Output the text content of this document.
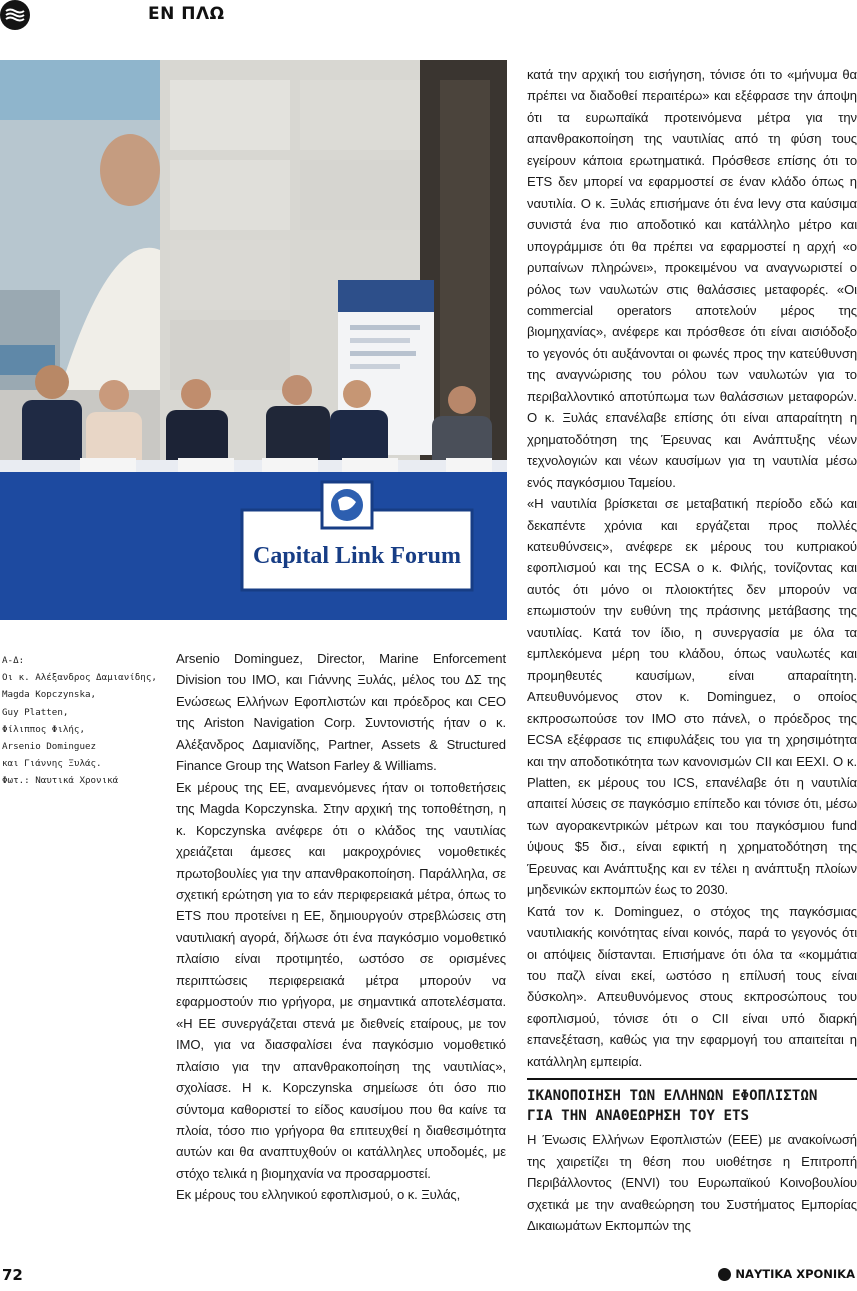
ΕΝ ΠΛΩ
Capital Link Forum
Α-Δ:
Οι κ. Αλέξανδρος Δαμιανίδης,
Magda Kopczynska,
Guy Platten,
Φίλιππος Φιλής,
Arsenio Dominguez
και Γιάννης Ξυλάς.
Φωτ.: Ναυτικά Χρονικά

Arsenio Dominguez, Director, Marine Enforcement Division του IMO, και Γιάννης Ξυλάς, μέλος του ΔΣ της Ενώσεως Ελλήνων Εφοπλιστών και πρόεδρος και CEO της Ariston Navigation Corp. Συντονιστής ήταν ο κ. Αλέξανδρος Δαμιανίδης, Partner, Assets & Structured Finance Group της Watson Farley & Williams.

Εκ μέρους της ΕΕ, αναμενόμενες ήταν οι τοποθετήσεις της Magda Kopczynska. Στην αρχική της τοποθέτηση, η κ. Kopczynska ανέφερε ότι ο κλάδος της ναυτιλίας χρειάζεται άμεσες και μακροχρόνιες νομοθετικές πρωτοβουλίες για την απανθρακοποίηση. Παράλληλα, σε σχετική ερώτηση για το εάν περιφερειακά μέτρα, όπως το ETS που προτείνει η ΕΕ, δημιουργούν στρεβλώσεις στη ναυτιλιακή αγορά, δήλωσε ότι ένα παγκόσμιο νομοθετικό πλαίσιο είναι προτιμητέο, ωστόσο σε ορισμένες περιπτώσεις περιφερειακά μέτρα μπορούν να εφαρμοστούν πιο γρήγορα, με σημαντικά αποτελέσματα. «Η ΕΕ συνεργάζεται στενά με διεθνείς εταίρους, με τον IMO, για να διασφαλίσει ένα παγκόσμιο νομοθετικό πλαίσιο για την απανθρακοποίηση της ναυτιλίας», σχολίασε. Η κ. Kopczynska σημείωσε ότι όσο πιο σύντομα καθοριστεί το είδος καυσίμου που θα καίνε τα πλοία, τόσο πιο γρήγορα θα επιτευχθεί η διαθεσιμότητα αυτών και θα αναπτυχθούν οι κατάλληλες υποδομές, με στόχο τελικά η βιομηχανία να προσαρμοστεί.

Εκ μέρους του ελληνικού εφοπλισμού, ο κ. Ξυλάς,

κατά την αρχική του εισήγηση, τόνισε ότι το «μήνυμα θα πρέπει να διαδοθεί περαιτέρω» και εξέφρασε την άποψη ότι τα ευρωπαϊκά προτεινόμενα μέτρα για την απανθρακοποίηση της ναυτιλίας από τη φύση τους εγείρουν κάποια ερωτηματικά. Πρόσθεσε επίσης ότι το ETS δεν μπορεί να εφαρμοστεί σε έναν κλάδο όπως η ναυτιλία. Ο κ. Ξυλάς επισήμανε ότι ένα levy στα καύσιμα συνιστά ένα πιο αποδοτικό και κατάλληλο μέτρο και υπογράμμισε ότι θα πρέπει να εφαρμοστεί η αρχή «ο ρυπαίνων πληρώνει», προκειμένου να αναγνωριστεί ο ρόλος των ναυλωτών στις θαλάσσιες μεταφορές. «Οι commercial operators αποτελούν μέρος της βιομηχανίας», ανέφερε και πρόσθεσε ότι είναι αισιόδοξο το γεγονός ότι αυξάνονται οι φωνές προς την κατεύθυνση της αναγνώρισης του ρόλου των ναυλωτών για το περιβαλλοντικό αποτύπωμα των θαλάσσιων μεταφορών. Ο κ. Ξυλάς επανέλαβε επίσης ότι είναι απαραίτητη η χρηματοδότηση της Έρευνας και Ανάπτυξης νέων τεχνολογιών και νέων καυσίμων για τη ναυτιλία μέσω ενός παγκόσμιου Ταμείου.

«Η ναυτιλία βρίσκεται σε μεταβατική περίοδο εδώ και δεκαπέντε χρόνια και εργάζεται προς πολλές κατευθύνσεις», ανέφερε εκ μέρους του κυπριακού εφοπλισμού και της ECSA ο κ. Φιλής, τονίζοντας και αυτός ότι μόνο οι πλοιοκτήτες δεν μπορούν να επωμιστούν την ευθύνη της πράσινης μετάβασης της ναυτιλίας. Κατά τον ίδιο, η συνεργασία με όλα τα εμπλεκόμενα μέρη του κλάδου, όπως ναυλωτές και προμηθευτές καυσίμων, είναι απαραίτητη. Απευθυνόμενος στον κ. Dominguez, ο οποίος εκπροσωπούσε τον IMO στο πάνελ, ο πρόεδρος της ECSA εξέφρασε τις επιφυλάξεις του για τη χρησιμότητα και την αποδοτικότητα των κανονισμών CII και EEXI. Ο κ. Platten, εκ μέρους του ICS, επανέλαβε ότι η ναυτιλία απαιτεί λύσεις σε παγκόσμιο επίπεδο και τόνισε ότι, μέσω των αγορακεντρικών μέτρων και του παγκόσμιου fund ύψους $5 δισ., είναι εφικτή η χρηματοδότηση της Έρευνας και Ανάπτυξης και εν τέλει η ανάπτυξη πλοίων μηδενικών εκπομπών έως το 2030.

Κατά τον κ. Dominguez, ο στόχος της παγκόσμιας ναυτιλιακής κοινότητας είναι κοινός, παρά το γεγονός ότι οι απόψεις διίστανται. Επισήμανε ότι όλα τα «κομμάτια του παζλ είναι εκεί, ωστόσο η επίλυσή τους είναι δύσκολη». Απευθυνόμενος στους εκπροσώπους του εφοπλισμού, τόνισε ότι ο CII είναι υπό διαρκή επανεξέταση, καθώς για την εφαρμογή του απαιτείται η κατάλληλη εμπειρία.

ΙΚΑΝΟΠΟΙΗΣΗ ΤΩΝ ΕΛΛΗΝΩΝ ΕΦΟΠΛΙΣΤΩΝ
ΓΙΑ ΤΗΝ ΑΝΑΘΕΩΡΗΣΗ ΤΟΥ ETS

Η Ένωσις Ελλήνων Εφοπλιστών (ΕΕΕ) με ανακοίνωσή της χαιρετίζει τη θέση που υιοθέτησε η Επιτροπή Περιβάλλοντος (ENVI) του Ευρωπαϊκού Κοινοβουλίου σχετικά με την αναθεώρηση του Συστήματος Εμπορίας Δικαιωμάτων Εκπομπών της

72	ΝΑΥΤΙΚΑ ΧΡΟΝΙΚΑ
